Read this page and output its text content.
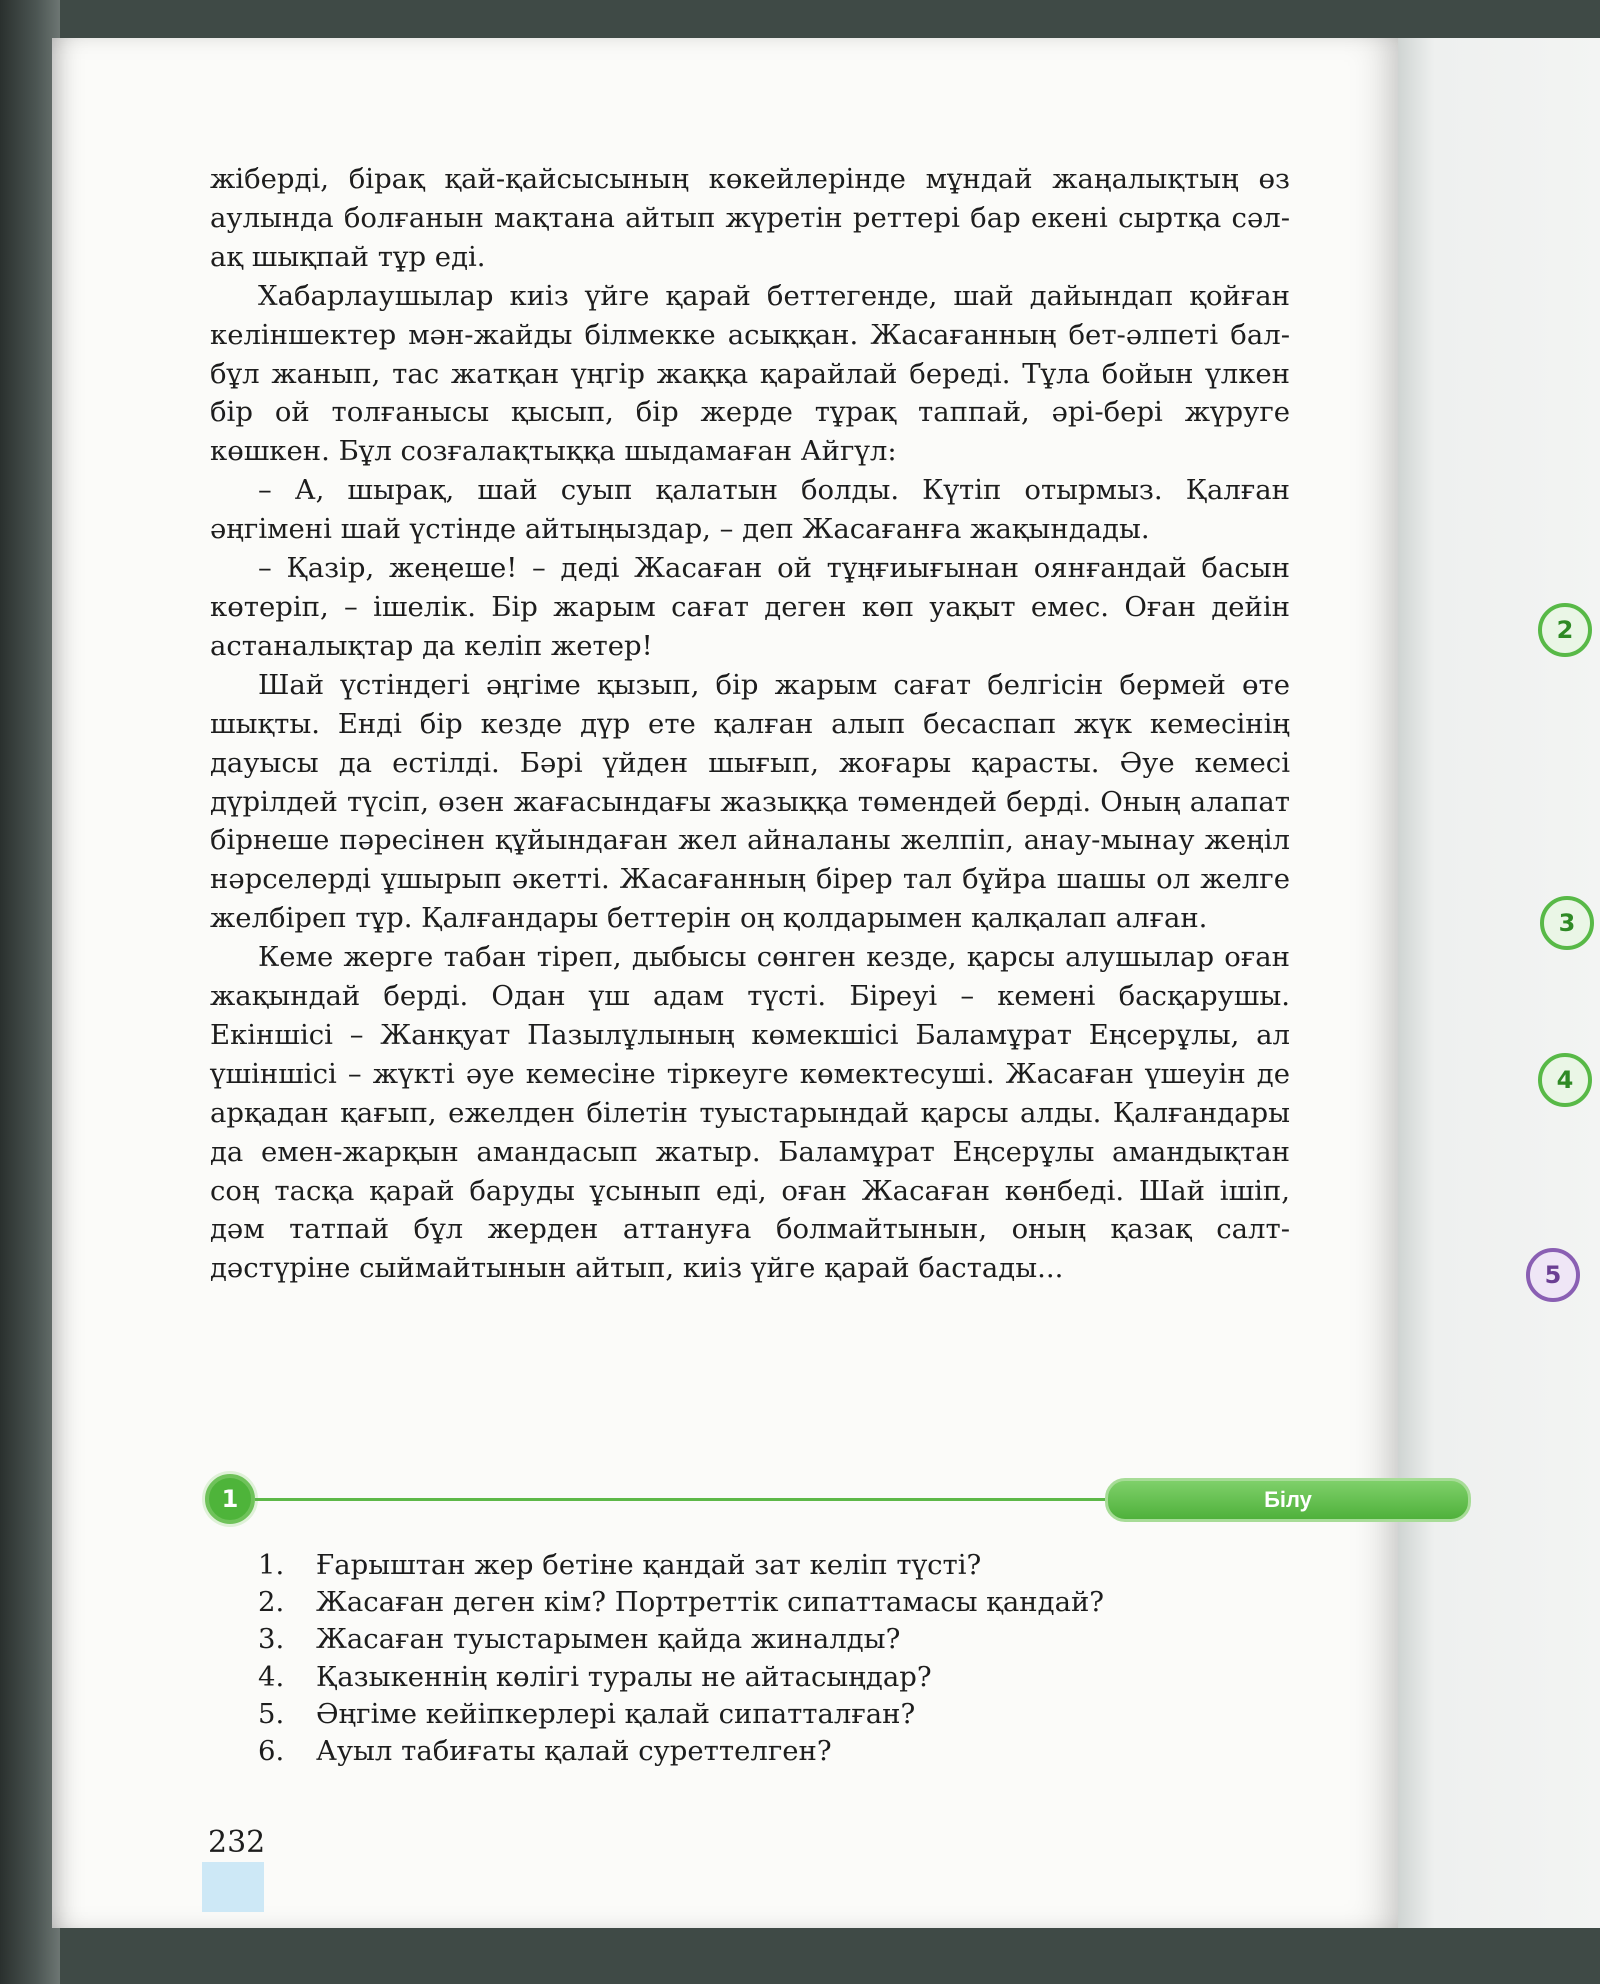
2
3
4
5

жіберді, бірақ қай-қайсысының көкейлерінде мұндай жаңалықтың өз аулында болғанын мақтана айтып жүретін реттері бар екені сыртқа сәл-ақ шықпай тұр еді.

Хабарлаушылар киіз үйге қарай беттегенде, шай дайындап қойған келіншектер мән-жайды білмекке асыққан. Жасағанның бет-әлпеті бал-бұл жанып, тас жатқан үңгір жаққа қарайлай береді. Тұла бойын үлкен бір ой толғанысы қысып, бір жерде тұрақ таппай, әрі-бері жүруге көшкен. Бұл созғалақтыққа шыдамаған Айгүл:

– А, шырақ, шай суып қалатын болды. Күтіп отырмыз. Қалған әңгімені шай үстінде айтыңыздар, – деп Жасағанға жақындады.

– Қазір, жеңеше! – деді Жасаған ой тұңғиығынан оянғандай басын көтеріп, – ішелік. Бір жарым сағат деген көп уақыт емес. Оған дейін астаналықтар да келіп жетер!

Шай үстіндегі әңгіме қызып, бір жарым сағат белгісін бермей өте шықты. Енді бір кезде дүр ете қалған алып бесаспап жүк кемесінің дауысы да естілді. Бәрі үйден шығып, жоғары қарасты. Әуе кемесі дүрілдей түсіп, өзен жағасындағы жазыққа төмендей берді. Оның алапат бірнеше пәресінен құйындаған жел айналаны желпіп, анау-мынау жеңіл нәрселерді ұшырып әкетті. Жасағанның бірер тал бұйра шашы ол желге желбіреп тұр. Қалғандары беттерін оң қолдарымен қалқалап алған.

Кеме жерге табан тіреп, дыбысы сөнген кезде, қарсы алушылар оған жақындай берді. Одан үш адам түсті. Біреуі – кемені басқарушы. Екіншісі – Жанқуат Пазылұлының көмекшісі Баламұрат Еңсерұлы, ал үшіншісі – жүкті әуе кемесіне тіркеуге көмектесуші. Жасаған үшеуін де арқадан қағып, ежелден білетін туыстарындай қарсы алды. Қалғандары да емен-жарқын амандасып жатыр. Баламұрат Еңсерұлы амандықтан соң тасқа қарай баруды ұсынып еді, оған Жасаған көнбеді. Шай ішіп, дәм татпай бұл жерден аттануға болмайтынын, оның қазақ салт-дәстүріне сыймайтынын айтып, киіз үйге қарай бастады...

1	Білу
1.	Ғарыштан жер бетіне қандай зат келіп түсті?
2.	Жасаған деген кім? Портреттік сипаттамасы қандай?
3.	Жасаған туыстарымен қайда жиналды?
4.	Қазыкеннің көлігі туралы не айтасыңдар?
5.	Әңгіме кейіпкерлері қалай сипатталған?
6.	Ауыл табиғаты қалай суреттелген?
232
